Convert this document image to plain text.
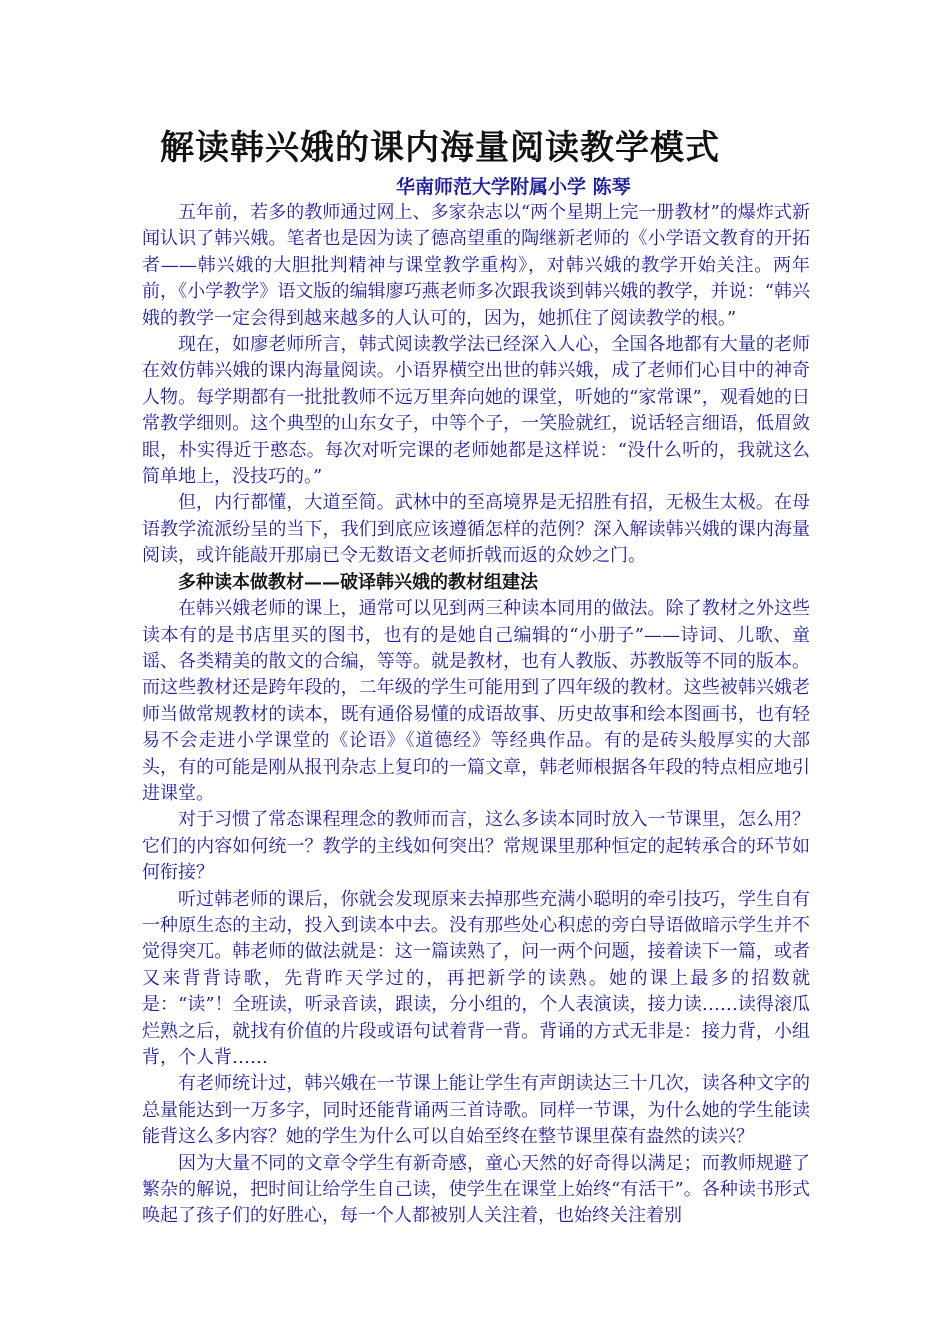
解读韩兴娥的课内海量阅读教学模式
华南师范大学附属小学 陈琴

五年前，若多的教师通过网上、多家杂志以“两个星期上完一册教材”的爆炸式新闻认识了韩兴娥。笔者也是因为读了德高望重的陶继新老师的《小学语文教育的开拓者——韩兴娥的大胆批判精神与课堂教学重构》，对韩兴娥的教学开始关注。两年前，《小学教学》语文版的编辑廖巧燕老师多次跟我谈到韩兴娥的教学，并说：“韩兴娥的教学一定会得到越来越多的人认可的，因为，她抓住了阅读教学的根。”

现在，如廖老师所言，韩式阅读教学法已经深入人心，全国各地都有大量的老师在效仿韩兴娥的课内海量阅读。小语界横空出世的韩兴娥，成了老师们心目中的神奇人物。每学期都有一批批教师不远万里奔向她的课堂，听她的“家常课”，观看她的日常教学细则。这个典型的山东女子，中等个子，一笑脸就红，说话轻言细语，低眉敛眼，朴实得近于憨态。每次对听完课的老师她都是这样说：“没什么听的，我就这么简单地上，没技巧的。”

但，内行都懂，大道至简。武林中的至高境界是无招胜有招，无极生太极。在母语教学流派纷呈的当下，我们到底应该遵循怎样的范例？深入解读韩兴娥的课内海量阅读，或许能敲开那扇已令无数语文老师折戟而返的众妙之门。

多种读本做教材——破译韩兴娥的教材组建法

在韩兴娥老师的课上，通常可以见到两三种读本同用的做法。除了教材之外这些读本有的是书店里买的图书，也有的是她自己编辑的“小册子”——诗词、儿歌、童谣、各类精美的散文的合编，等等。就是教材，也有人教版、苏教版等不同的版本。而这些教材还是跨年段的，二年级的学生可能用到了四年级的教材。这些被韩兴娥老师当做常规教材的读本，既有通俗易懂的成语故事、历史故事和绘本图画书，也有轻易不会走进小学课堂的《论语》《道德经》等经典作品。有的是砖头般厚实的大部头，有的可能是刚从报刊杂志上复印的一篇文章，韩老师根据各年段的特点相应地引进课堂。

对于习惯了常态课程理念的教师而言，这么多读本同时放入一节课里，怎么用？它们的内容如何统一？教学的主线如何突出？常规课里那种恒定的起转承合的环节如何衔接？

听过韩老师的课后，你就会发现原来去掉那些充满小聪明的牵引技巧，学生自有一种原生态的主动，投入到读本中去。没有那些处心积虑的旁白导语做暗示学生并不觉得突兀。韩老师的做法就是：这一篇读熟了，问一两个问题，接着读下一篇，或者又来背背诗歌，先背昨天学过的，再把新学的读熟。她的课上最多的招数就是：“读”！全班读，听录音读，跟读，分小组的，个人表演读，接力读……读得滚瓜烂熟之后，就找有价值的片段或语句试着背一背。背诵的方式无非是：接力背，小组背，个人背……

有老师统计过，韩兴娥在一节课上能让学生有声朗读达三十几次，读各种文字的总量能达到一万多字，同时还能背诵两三首诗歌。同样一节课，为什么她的学生能读能背这么多内容？她的学生为什么可以自始至终在整节课里葆有盎然的读兴？

因为大量不同的文章令学生有新奇感，童心天然的好奇得以满足；而教师规避了繁杂的解说，把时间让给学生自己读，使学生在课堂上始终“有活干”。各种读书形式唤起了孩子们的好胜心，每一个人都被别人关注着，也始终关注着别
